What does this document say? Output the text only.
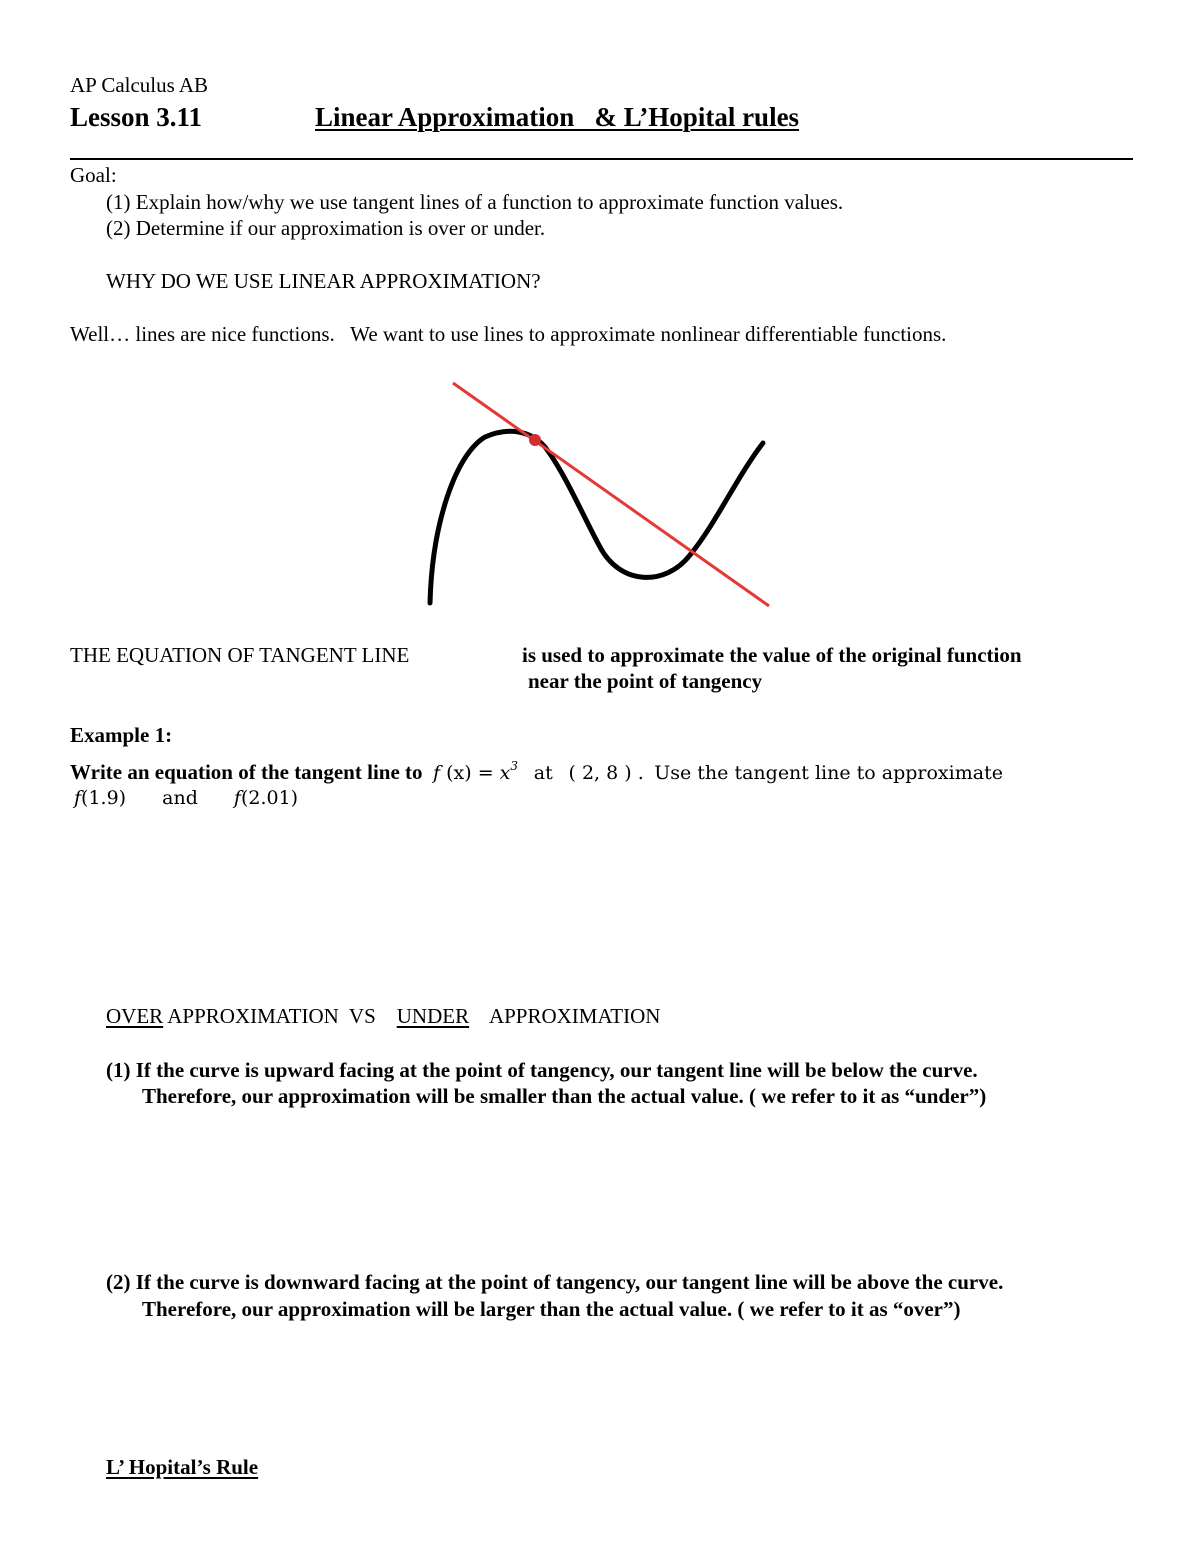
AP Calculus AB
Lesson 3.11	Linear Approximation   & L’Hopital rules
Goal:
(1) Explain how/why we use tangent lines of a function to approximate function values.
(2) Determine if our approximation is over or under.
WHY DO WE USE LINEAR APPROXIMATION?
Well… lines are nice functions.   We want to use lines to approximate nonlinear differentiable functions.
THE EQUATION OF TANGENT LINE	is used to approximate the value of the original function
near the point of tangency
Example 1:
Write an equation of the tangent line to f $(x) = x^3$ at ( 2, 8 ) . Use the tangent line to approximate
f(1.9) and f(2.01)
OVER APPROXIMATION  VS UNDER APPROXIMATION
(1) If the curve is upward facing at the point of tangency, our tangent line will be below the curve.
Therefore, our approximation will be smaller than the actual value. ( we refer to it as “under”)
(2) If the curve is downward facing at the point of tangency, our tangent line will be above the curve.
Therefore, our approximation will be larger than the actual value. ( we refer to it as “over”)
L’ Hopital’s Rule
